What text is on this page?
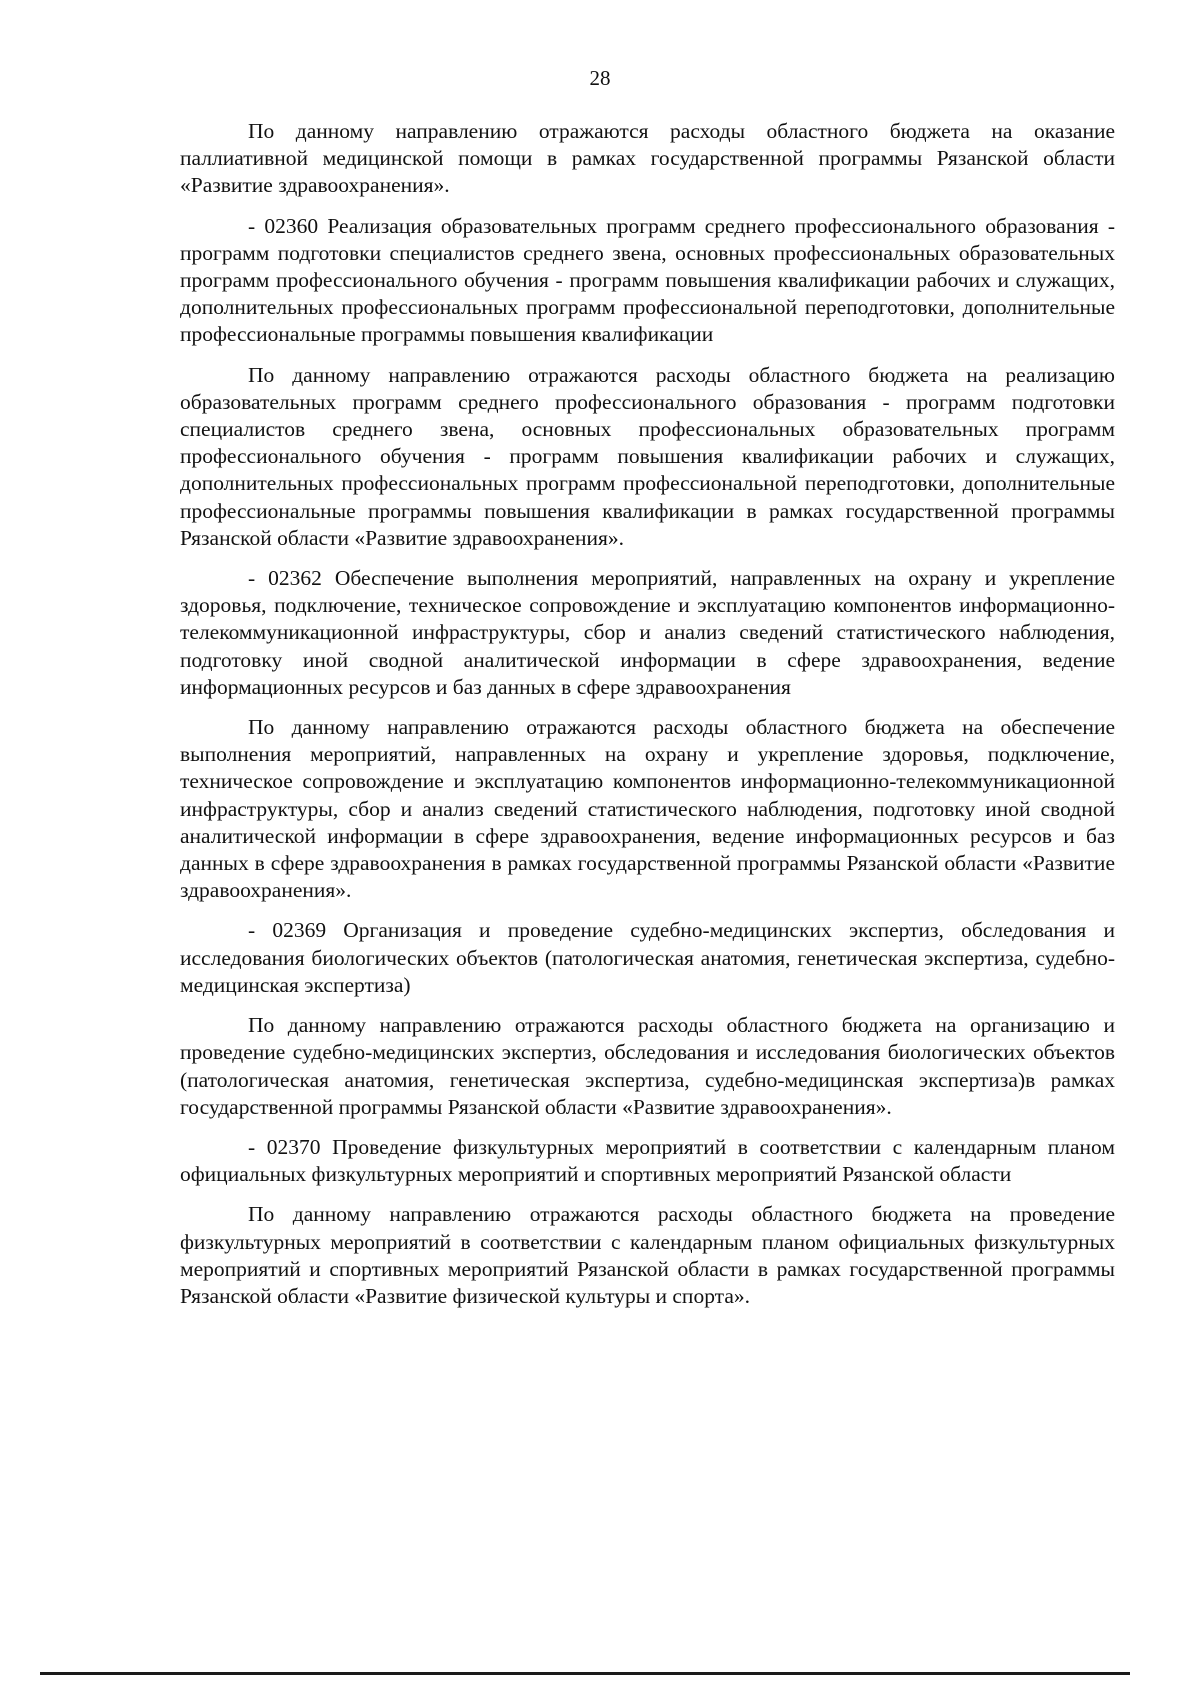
28

По данному направлению отражаются расходы областного бюджета на оказание паллиативной медицинской помощи в рамках государственной программы Рязанской области «Развитие здравоохранения».

- 02360 Реализация образовательных программ среднего профессионального образования - программ подготовки специалистов среднего звена, основных профессиональных образовательных программ профессионального обучения - программ повышения квалификации рабочих и служащих, дополнительных профессиональных программ профессиональной переподготовки, дополнительные профессиональные программы повышения квалификации

По данному направлению отражаются расходы областного бюджета на реализацию образовательных программ среднего профессионального образования - программ подготовки специалистов среднего звена, основных профессиональных образовательных программ профессионального обучения - программ повышения квалификации рабочих и служащих, дополнительных профессиональных программ профессиональной переподготовки, дополнительные профессиональные программы повышения квалификации в рамках государственной программы Рязанской области «Развитие здравоохранения».

- 02362 Обеспечение выполнения мероприятий, направленных на охрану и укрепление здоровья, подключение, техническое сопровождение и эксплуатацию компонентов информационно-телекоммуникационной инфраструктуры, сбор и анализ сведений статистического наблюдения, подготовку иной сводной аналитической информации в сфере здравоохранения, ведение информационных ресурсов и баз данных в сфере здравоохранения

По данному направлению отражаются расходы областного бюджета на обеспечение выполнения мероприятий, направленных на охрану и укрепление здоровья, подключение, техническое сопровождение и эксплуатацию компонентов информационно-телекоммуникационной инфраструктуры, сбор и анализ сведений статистического наблюдения, подготовку иной сводной аналитической информации в сфере здравоохранения, ведение информационных ресурсов и баз данных в сфере здравоохранения в рамках государственной программы Рязанской области «Развитие здравоохранения».

- 02369 Организация и проведение судебно-медицинских экспертиз, обследования и исследования биологических объектов (патологическая анатомия, генетическая экспертиза, судебно-медицинская экспертиза)

По данному направлению отражаются расходы областного бюджета на организацию и проведение судебно-медицинских экспертиз, обследования и исследования биологических объектов (патологическая анатомия, генетическая экспертиза, судебно-медицинская экспертиза)в рамках государственной программы Рязанской области «Развитие здравоохранения».

- 02370 Проведение физкультурных мероприятий в соответствии с календарным планом официальных физкультурных мероприятий и спортивных мероприятий Рязанской области

По данному направлению отражаются расходы областного бюджета на проведение физкультурных мероприятий в соответствии с календарным планом официальных физкультурных мероприятий и спортивных мероприятий Рязанской области в рамках государственной программы Рязанской области «Развитие физической культуры и спорта».
